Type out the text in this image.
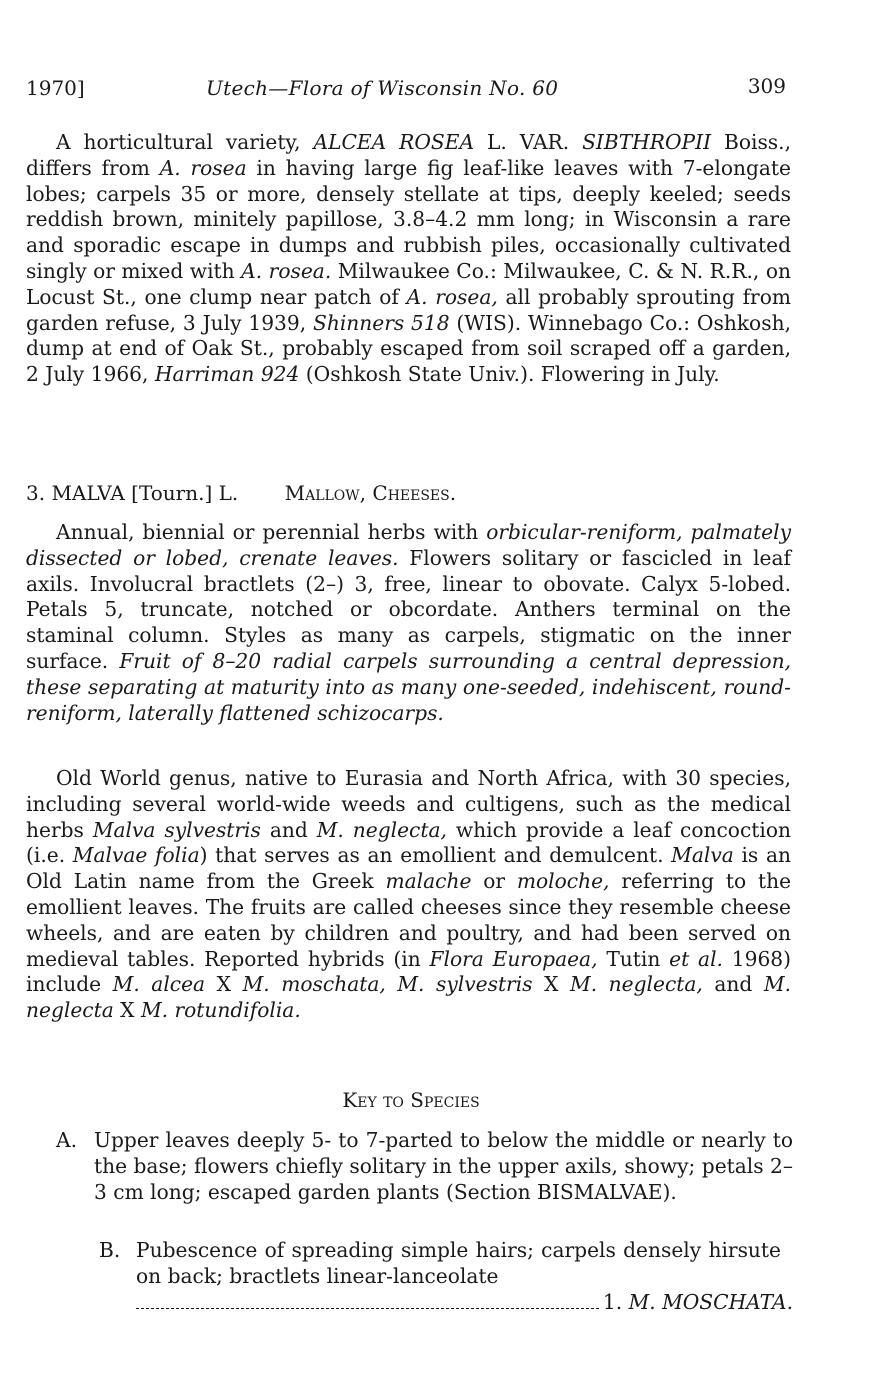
1970]	Utech—Flora of Wisconsin No. 60	309

A horticultural variety, ALCEA ROSEA L. VAR. SIBTHROPII Boiss., differs from A. rosea in having large fig leaf-like leaves with 7-elongate lobes; carpels 35 or more, densely stellate at tips, deeply keeled; seeds reddish brown, minitely papillose, 3.8–4.2 mm long; in Wisconsin a rare and sporadic escape in dumps and rubbish piles, occasionally cultivated singly or mixed with A. rosea. Milwaukee Co.: Milwaukee, C. & N. R.R., on Locust St., one clump near patch of A. rosea, all probably sprouting from garden refuse, 3 July 1939, Shinners 518 (WIS). Winnebago Co.: Oshkosh, dump at end of Oak St., probably escaped from soil scraped off a garden, 2 July 1966, Harriman 924 (Oshkosh State Univ.). Flowering in July.

3. MALVA [Tourn.] L. Mallow, Cheeses.

Annual, biennial or perennial herbs with orbicular-reniform, palmately dissected or lobed, crenate leaves. Flowers solitary or fascicled in leaf axils. Involucral bractlets (2–) 3, free, linear to obovate. Calyx 5-lobed. Petals 5, truncate, notched or obcordate. Anthers terminal on the staminal column. Styles as many as carpels, stigmatic on the inner surface. Fruit of 8–20 radial carpels surrounding a central depression, these separating at maturity into as many one-seeded, indehiscent, round-reniform, laterally flattened schizocarps.

Old World genus, native to Eurasia and North Africa, with 30 species, including several world-wide weeds and cultigens, such as the medical herbs Malva sylvestris and M. neglecta, which provide a leaf concoction (i.e. Malvae folia) that serves as an emollient and demulcent. Malva is an Old Latin name from the Greek malache or moloche, referring to the emollient leaves. The fruits are called cheeses since they resemble cheese wheels, and are eaten by children and poultry, and had been served on medieval tables. Reported hybrids (in Flora Europaea, Tutin et al. 1968) include M. alcea X M. moschata, M. sylvestris X M. neglecta, and M. neglecta X M. rotundifolia.

Key to Species
A. Upper leaves deeply 5- to 7-parted to below the middle or nearly to the base; flowers chiefly solitary in the upper axils, showy; petals 2–3 cm long; escaped garden plants (Section BISMALVAE).
B. Pubescence of spreading simple hairs; carpels densely hirsute on back; bractlets linear-lanceolate
1.
M. MOSCHATA.
